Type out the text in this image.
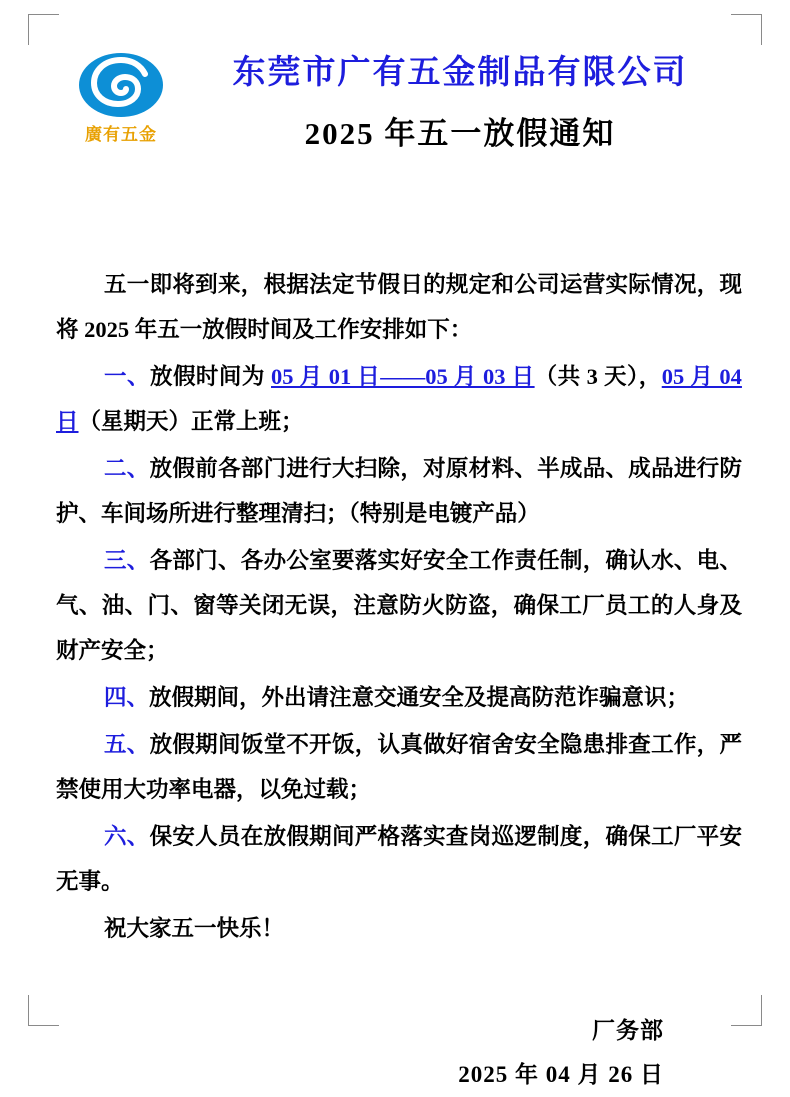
廣有五金
东莞市广有五金制品有限公司
2025 年五一放假通知

五一即将到来，根据法定节假日的规定和公司运营实际情况，现将 2025 年五一放假时间及工作安排如下：

一、放假时间为 05 月 01 日——05 月 03 日（共 3 天），05 月 04 日（星期天）正常上班；

二、放假前各部门进行大扫除，对原材料、半成品、成品进行防护、车间场所进行整理清扫；（特别是电镀产品）

三、各部门、各办公室要落实好安全工作责任制，确认水、电、气、油、门、窗等关闭无误，注意防火防盗，确保工厂员工的人身及财产安全；

四、放假期间，外出请注意交通安全及提高防范诈骗意识；

五、放假期间饭堂不开饭，认真做好宿舍安全隐患排查工作，严禁使用大功率电器，以免过载；

六、保安人员在放假期间严格落实查岗巡逻制度，确保工厂平安无事。

祝大家五一快乐！

厂务部
2025 年 04 月 26 日
